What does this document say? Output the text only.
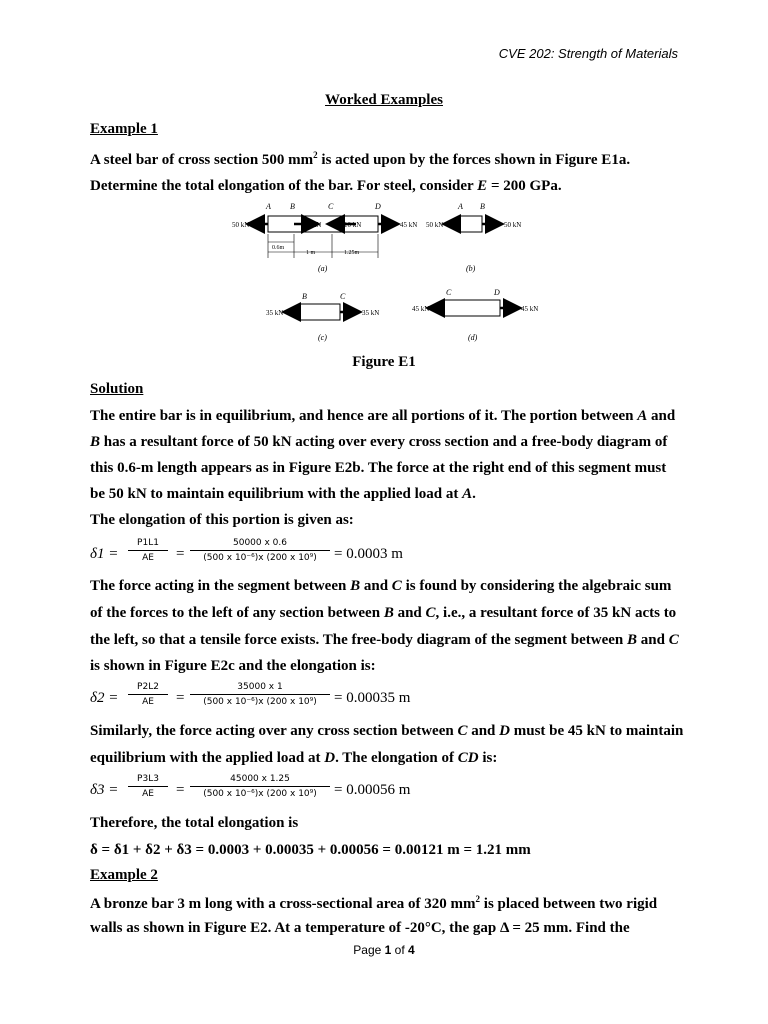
CVE 202: Strength of Materials
Worked Examples
Example 1
A steel bar of cross section 500 $mm^2$ is acted upon by the forces shown in Figure E1a.
Determine the total elongation of the bar. For steel, consider E = 200 GPa.
A B	C	D
50 kN	15 kN	10 kN	45 kN
0.6m
1 m	1.25m
(a)
A B
50 kN	50 kN
(b)
B	C
35 kN	35 kN
(c)
C	D
45 kN	45 kN
(d)
Figure E1
Solution
The entire bar is in equilibrium, and hence are all portions of it. The portion between A and
B has a resultant force of 50 kN acting over every cross section and a free-body diagram of
this 0.6-m length appears as in Figure E2b. The force at the right end of this segment must
be 50 kN to maintain equilibrium with the applied load at A.
The elongation of this portion is given as:
δ1 =
P1L1
AE	=
50000 x 0.6
(500 x 10⁻⁶)x (200 x 10⁹)	= 0.0003 m
The force acting in the segment between B and C is found by considering the algebraic sum
of the forces to the left of any section between B and C, i.e., a resultant force of 35 kN acts to
the left, so that a tensile force exists. The free-body diagram of the segment between B and C
is shown in Figure E2c and the elongation is:
δ2 =
P2L2
AE	=
35000 x 1
(500 x 10⁻⁶)x (200 x 10⁹)	= 0.00035 m
Similarly, the force acting over any cross section between C and D must be 45 kN to maintain
equilibrium with the applied load at D. The elongation of CD is:
δ3 =
P3L3
AE	=
45000 x 1.25
(500 x 10⁻⁶)x (200 x 10⁹)	= 0.00056 m
Therefore, the total elongation is
δ = δ1 + δ2 + δ3 = 0.0003 + 0.00035 + 0.00056 = 0.00121 m = 1.21 mm
Example 2
A bronze bar 3 m long with a cross-sectional area of 320 $mm^2$ is placed between two rigid
walls as shown in Figure E2. At a temperature of -20°C, the gap Δ = 25 mm. Find the
Page 1 of 4
